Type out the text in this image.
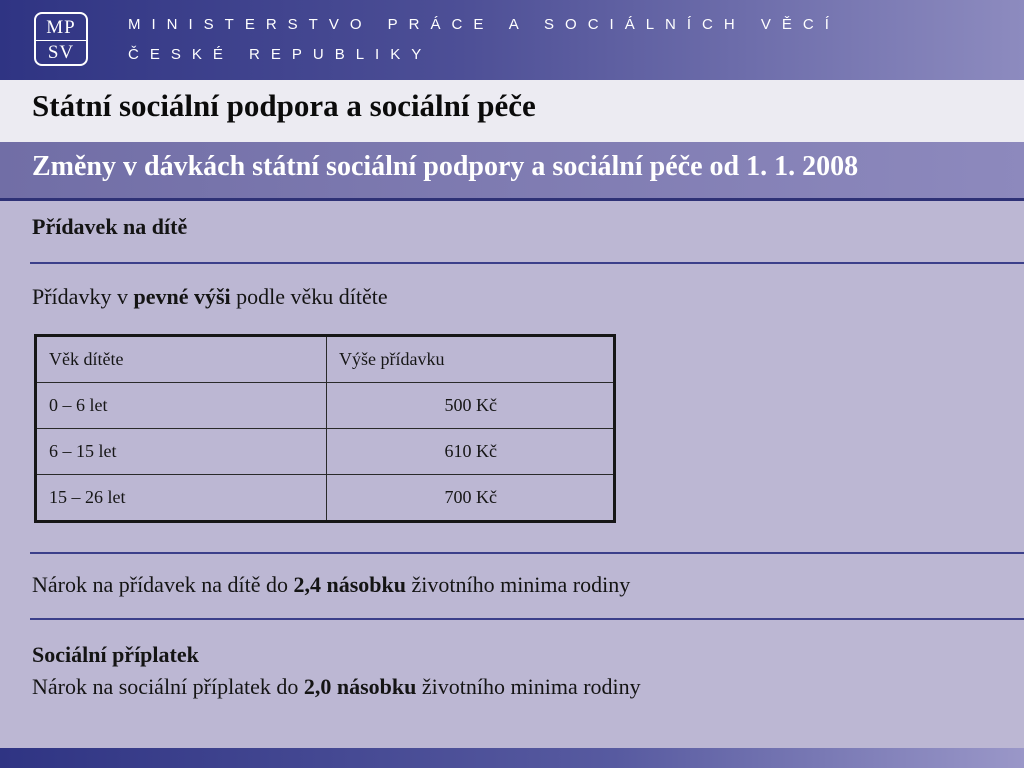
MP
SV
MINISTERSTVO PRÁCE A SOCIÁLNÍCH VĚCÍ
ČESKÉ REPUBLIKY
Státní sociální podpora a sociální péče
Změny v dávkách státní sociální podpory a sociální péče od 1. 1. 2008
Přídavek na dítě
Přídavky v pevné výši podle věku dítěte
Věk dítěte	Výše přídavku
0 – 6 let	500 Kč
6 – 15 let	610 Kč
15 – 26 let	700 Kč
Nárok na přídavek na dítě do 2,4 násobku životního minima rodiny
Sociální příplatek
Nárok na sociální příplatek do 2,0 násobku životního minima rodiny
